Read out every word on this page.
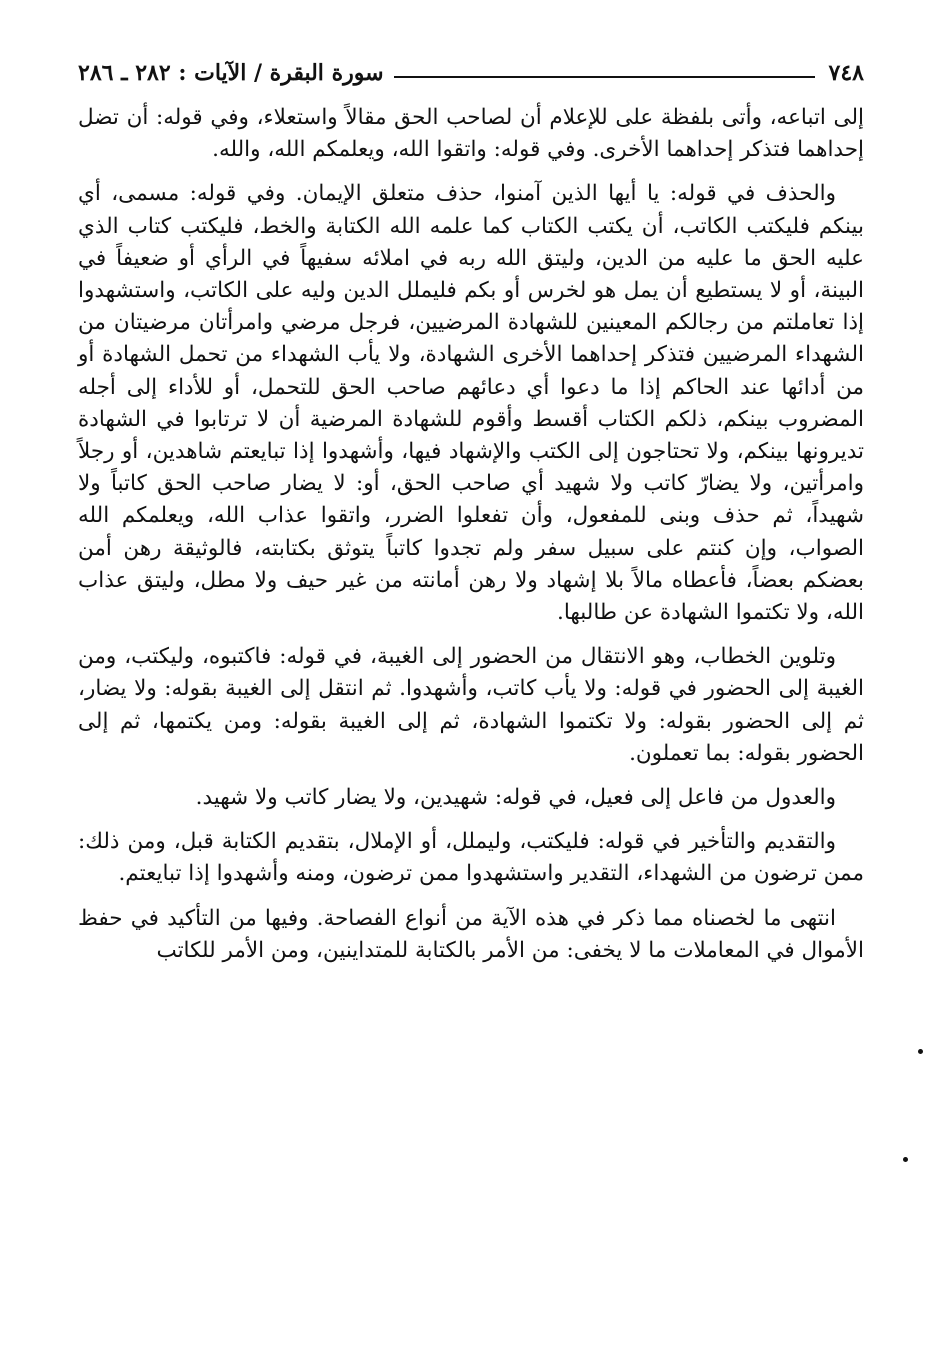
٧٤٨
سورة البقرة / الآيات : ٢٨٢ ـ ٢٨٦

إلى اتباعه، وأتى بلفظة على للإعلام أن لصاحب الحق مقالاً واستعلاء، وفي قوله: أن تضل إحداهما فتذكر إحداهما الأخرى. وفي قوله: واتقوا الله، ويعلمكم الله، والله.

والحذف في قوله: يا أيها الذين آمنوا، حذف متعلق الإيمان. وفي قوله: مسمى، أي بينكم فليكتب الكاتب، أن يكتب الكتاب كما علمه الله الكتابة والخط، فليكتب كتاب الذي عليه الحق ما عليه من الدين، وليتق الله ربه في املائه سفيهاً في الرأي أو ضعيفاً في البينة، أو لا يستطيع أن يمل هو لخرس أو بكم فليملل الدين وليه على الكاتب، واستشهدوا إذا تعاملتم من رجالكم المعينين للشهادة المرضيين، فرجل مرضي وامرأتان مرضيتان من الشهداء المرضيين فتذكر إحداهما الأخرى الشهادة، ولا يأب الشهداء من تحمل الشهادة أو من أدائها عند الحاكم إذا ما دعوا أي دعائهم صاحب الحق للتحمل، أو للأداء إلى أجله المضروب بينكم، ذلكم الكتاب أقسط وأقوم للشهادة المرضية أن لا ترتابوا في الشهادة تديرونها بينكم، ولا تحتاجون إلى الكتب والإشهاد فيها، وأشهدوا إذا تبايعتم شاهدين، أو رجلاً وامرأتين، ولا يضارّ كاتب ولا شهيد أي صاحب الحق، أو: لا يضار صاحب الحق كاتباً ولا شهيداً، ثم حذف وبنى للمفعول، وأن تفعلوا الضرر، واتقوا عذاب الله، ويعلمكم الله الصواب، وإن كنتم على سبيل سفر ولم تجدوا كاتباً يتوثق بكتابته، فالوثيقة رهن أمن بعضكم بعضاً، فأعطاه مالاً بلا إشهاد ولا رهن أمانته من غير حيف ولا مطل، وليتق عذاب الله، ولا تكتموا الشهادة عن طالبها.

وتلوين الخطاب، وهو الانتقال من الحضور إلى الغيبة، في قوله: فاكتبوه، وليكتب، ومن الغيبة إلى الحضور في قوله: ولا يأب كاتب، وأشهدوا. ثم انتقل إلى الغيبة بقوله: ولا يضار، ثم إلى الحضور بقوله: ولا تكتموا الشهادة، ثم إلى الغيبة بقوله: ومن يكتمها، ثم إلى الحضور بقوله: بما تعملون.

والعدول من فاعل إلى فعيل، في قوله: شهيدين، ولا يضار كاتب ولا شهيد.

والتقديم والتأخير في قوله: فليكتب، وليملل، أو الإملال، بتقديم الكتابة قبل، ومن ذلك: ممن ترضون من الشهداء، التقدير واستشهدوا ممن ترضون، ومنه وأشهدوا إذا تبايعتم.

انتهى ما لخصناه مما ذكر في هذه الآية من أنواع الفصاحة. وفيها من التأكيد في حفظ الأموال في المعاملات ما لا يخفى: من الأمر بالكتابة للمتداينين، ومن الأمر للكاتب
